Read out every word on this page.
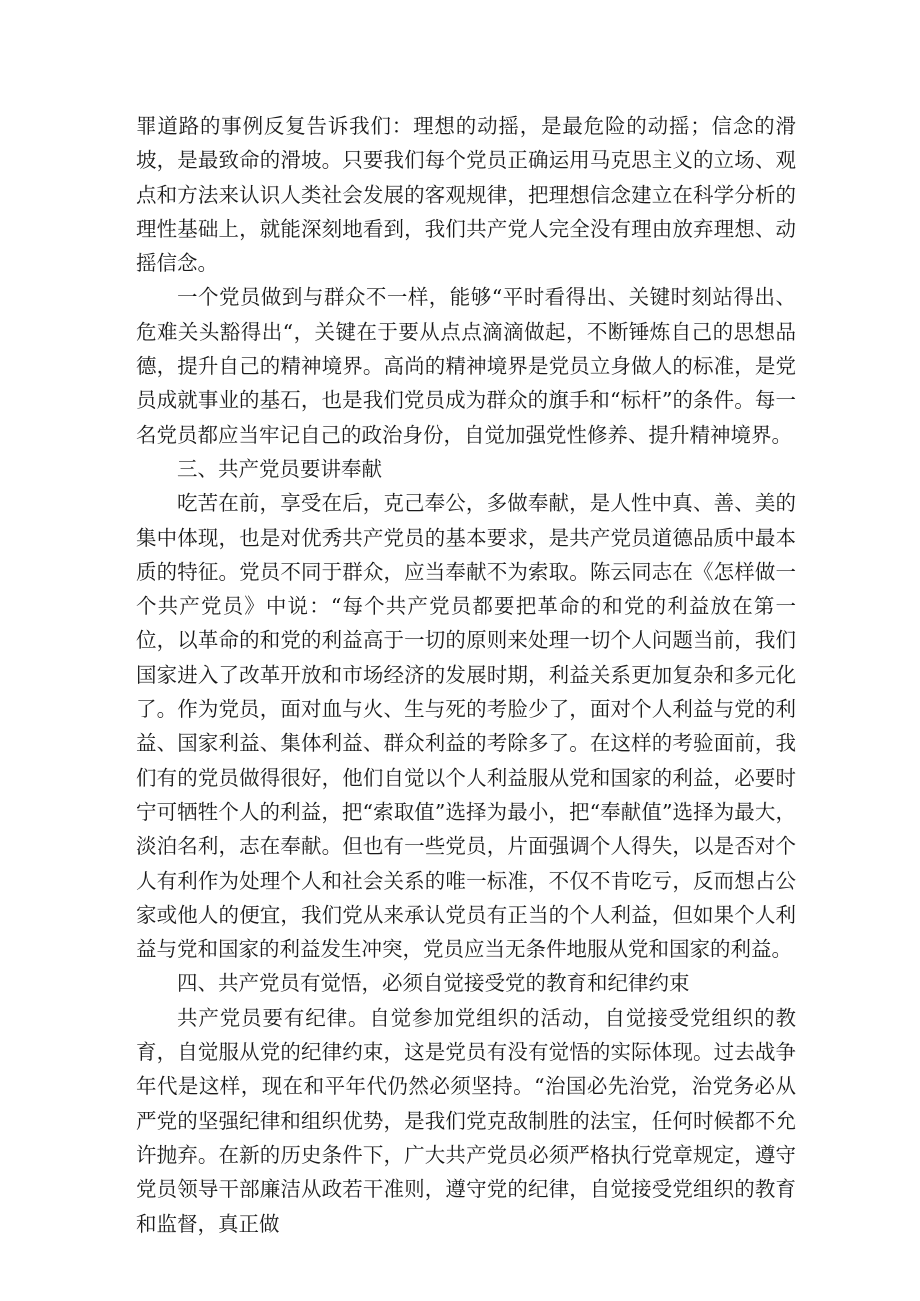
罪道路的事例反复告诉我们：理想的动摇，是最危险的动摇；信念的滑坡，是最致命的滑坡。只要我们每个党员正确运用马克思主义的立场、观点和方法来认识人类社会发展的客观规律，把理想信念建立在科学分析的理性基础上，就能深刻地看到，我们共产党人完全没有理由放弃理想、动摇信念。

一个党员做到与群众不一样，能够“平时看得出、关键时刻站得出、危难关头豁得出“，关键在于要从点点滴滴做起，不断锤炼自己的思想品德，提升自己的精神境界。高尚的精神境界是党员立身做人的标准，是党员成就事业的基石，也是我们党员成为群众的旗手和“标杆”的条件。每一名党员都应当牢记自己的政治身份，自觉加强党性修养、提升精神境界。

三、共产党员要讲奉献

吃苦在前，享受在后，克己奉公，多做奉献，是人性中真、善、美的集中体现，也是对优秀共产党员的基本要求，是共产党员道德品质中最本质的特征。党员不同于群众，应当奉献不为索取。陈云同志在《怎样做一个共产党员》中说：“每个共产党员都要把革命的和党的利益放在第一位，以革命的和党的利益高于一切的原则来处理一切个人问题当前，我们国家进入了改革开放和市场经济的发展时期，利益关系更加复杂和多元化了。作为党员，面对血与火、生与死的考脸少了，面对个人利益与党的利益、国家利益、集体利益、群众利益的考除多了。在这样的考验面前，我们有的党员做得很好，他们自觉以个人利益服从党和国家的利益，必要时宁可牺牲个人的利益，把“索取值”选择为最小，把“奉献值”选择为最大，淡泊名利，志在奉献。但也有一些党员，片面强调个人得失，以是否对个人有利作为处理个人和社会关系的唯一标准，不仅不肯吃亏，反而想占公家或他人的便宜，我们党从来承认党员有正当的个人利益，但如果个人利益与党和国家的利益发生冲突，党员应当无条件地服从党和国家的利益。

四、共产党员有觉悟，必须自觉接受党的教育和纪律约束

共产党员要有纪律。自觉参加党组织的活动，自觉接受党组织的教育，自觉服从党的纪律约束，这是党员有没有觉悟的实际体现。过去战争年代是这样，现在和平年代仍然必须坚持。“治国必先治党，治党务必从严党的坚强纪律和组织优势，是我们党克敌制胜的法宝，任何时候都不允许抛弃。在新的历史条件下，广大共产党员必须严格执行党章规定，遵守党员领导干部廉洁从政若干准则，遵守党的纪律，自觉接受党组织的教育和监督，真正做
